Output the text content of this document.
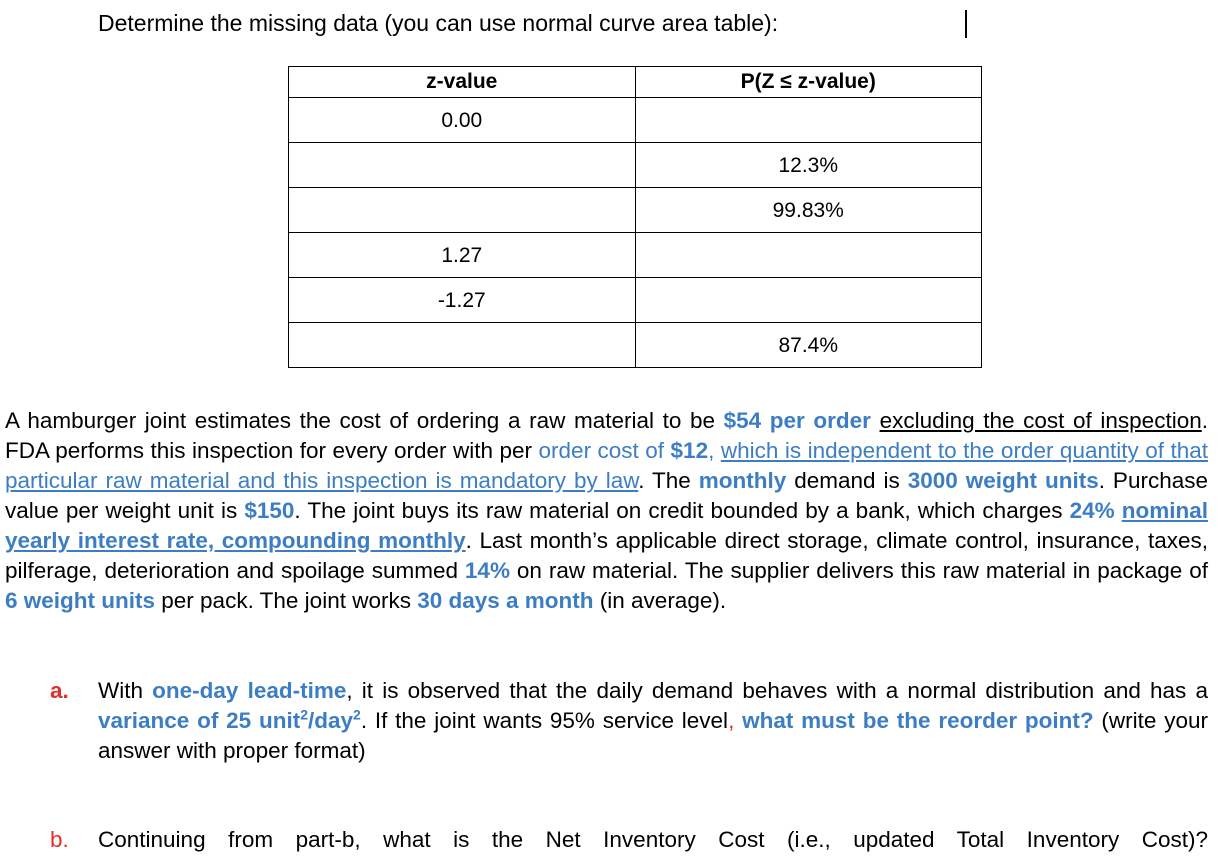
Determine the missing data (you can use normal curve area table):
z-value	P(Z ≤ z-value)

0.00	

	12.3%

	99.83%

1.27	

-1.27	

	87.4%
A hamburger joint estimates the cost of ordering a raw material to be $54 per order excluding the cost of inspection. FDA performs this inspection for every order with per order cost of $12, which is independent to the order quantity of that particular raw material and this inspection is mandatory by law. The monthly demand is 3000 weight units. Purchase value per weight unit is $150. The joint buys its raw material on credit bounded by a bank, which charges 24% nominal yearly interest rate, compounding monthly. Last month’s applicable direct storage, climate control, insurance, taxes, pilferage, deterioration and spoilage summed 14% on raw material. The supplier delivers this raw material in package of 6 weight units per pack. The joint works 30 days a month (in average).
a. With one-day lead-time, it is observed that the daily demand behaves with a normal distribution and has a variance of 25 unit$^2$/day$^2$. If the joint wants 95% service level, what must be the reorder point? (write your answer with proper format)
b. Continuing from part-b, what is the Net Inventory Cost (i.e., updated Total Inventory Cost)?
